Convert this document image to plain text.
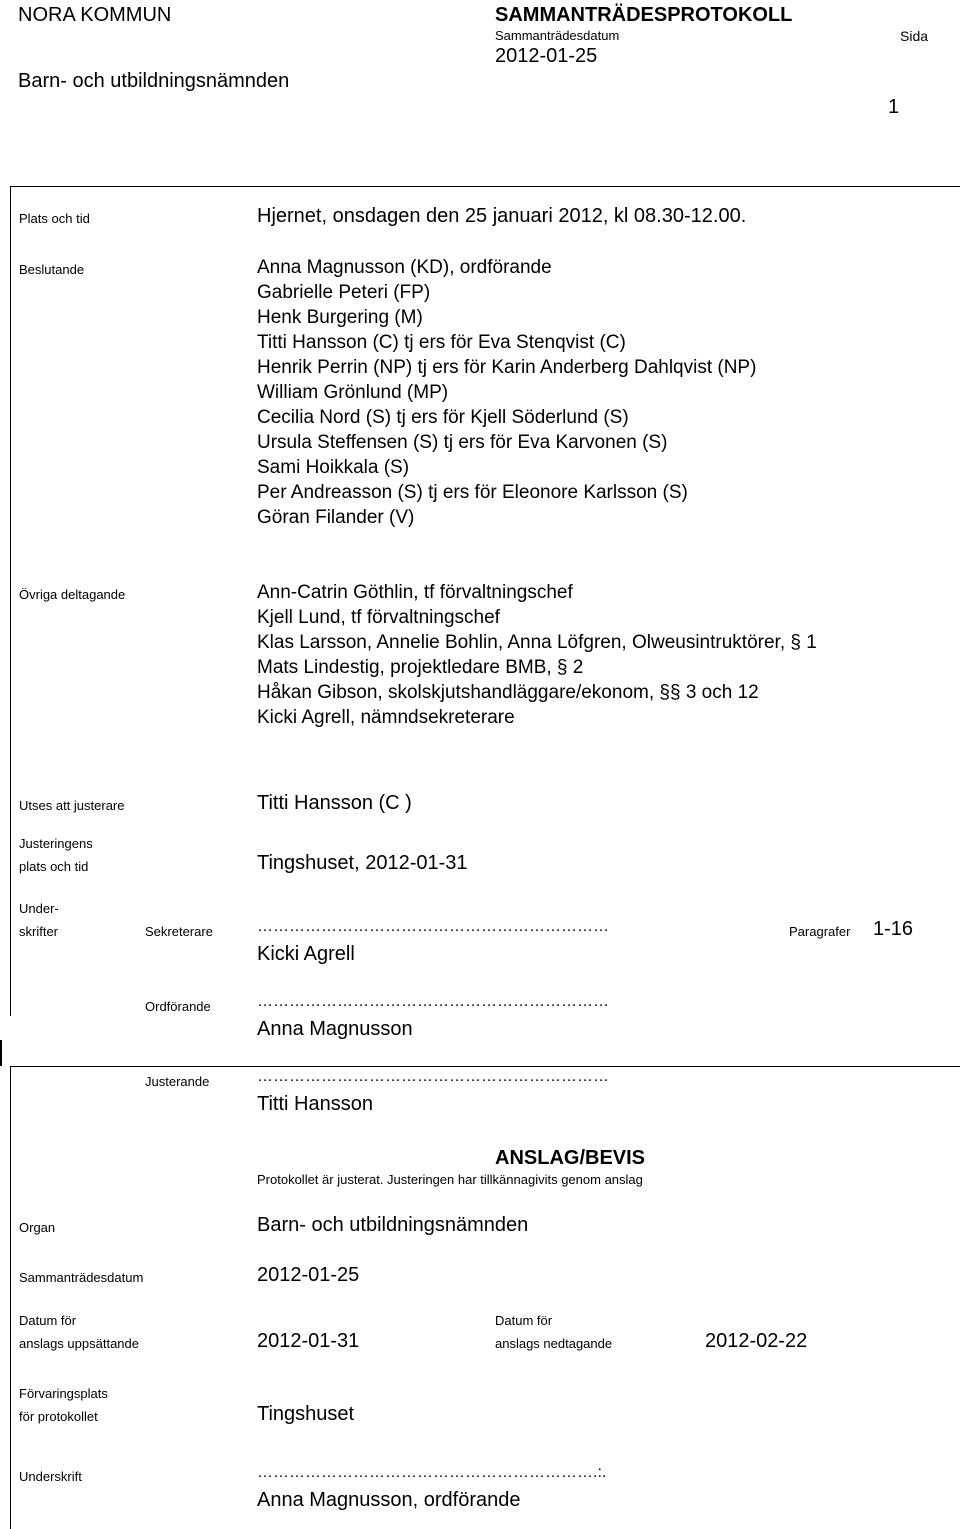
NORA KOMMUN
Barn- och utbildningsnämnden
SAMMANTRÄDESPROTOKOLL
Sammanträdesdatum
2012-01-25
Sida
1
Plats och tid	Hjernet, onsdagen den 25 januari 2012, kl 08.30-12.00.
Beslutande	Anna Magnusson (KD), ordförande
Gabrielle Peteri (FP)
Henk Burgering (M)
Titti Hansson (C) tj ers för Eva Stenqvist (C)
Henrik Perrin (NP) tj ers för Karin Anderberg Dahlqvist (NP)
William Grönlund (MP)
Cecilia Nord (S) tj ers för Kjell Söderlund (S)
Ursula Steffensen (S) tj ers för Eva Karvonen (S)
Sami Hoikkala (S)
Per Andreasson (S) tj ers för Eleonore Karlsson (S)
Göran Filander (V)
Övriga deltagande	Ann-Catrin Göthlin, tf förvaltningschef
Kjell Lund, tf förvaltningschef
Klas Larsson, Annelie Bohlin, Anna Löfgren, Olweusintruktörer, § 1
Mats Lindestig, projektledare BMB, § 2
Håkan Gibson, skolskjutshandläggare/ekonom, §§ 3 och 12
Kicki Agrell, nämndsekreterare
Utses att justerare	Titti Hansson (C )
Justeringens
plats och tid	Tingshuset, 2012-01-31
Under-
skrifter	Sekreterare	…………………………………………………………
Kicki Agrell
Paragrafer 1-16
Ordförande	…………………………………………………………
Anna Magnusson
Justerande	…………………………………………………………
Titti Hansson
ANSLAG/BEVIS
Protokollet är justerat. Justeringen har tillkännagivits genom anslag
Organ	Barn- och utbildningsnämnden
Sammanträdesdatum	2012-01-25
Datum för
anslags uppsättande	2012-01-31
Datum för
anslags nedtagande	2012-02-22
Förvaringsplats
för protokollet	Tingshuset
Underskrift	……………………………………………………….:.
Anna Magnusson, ordförande
